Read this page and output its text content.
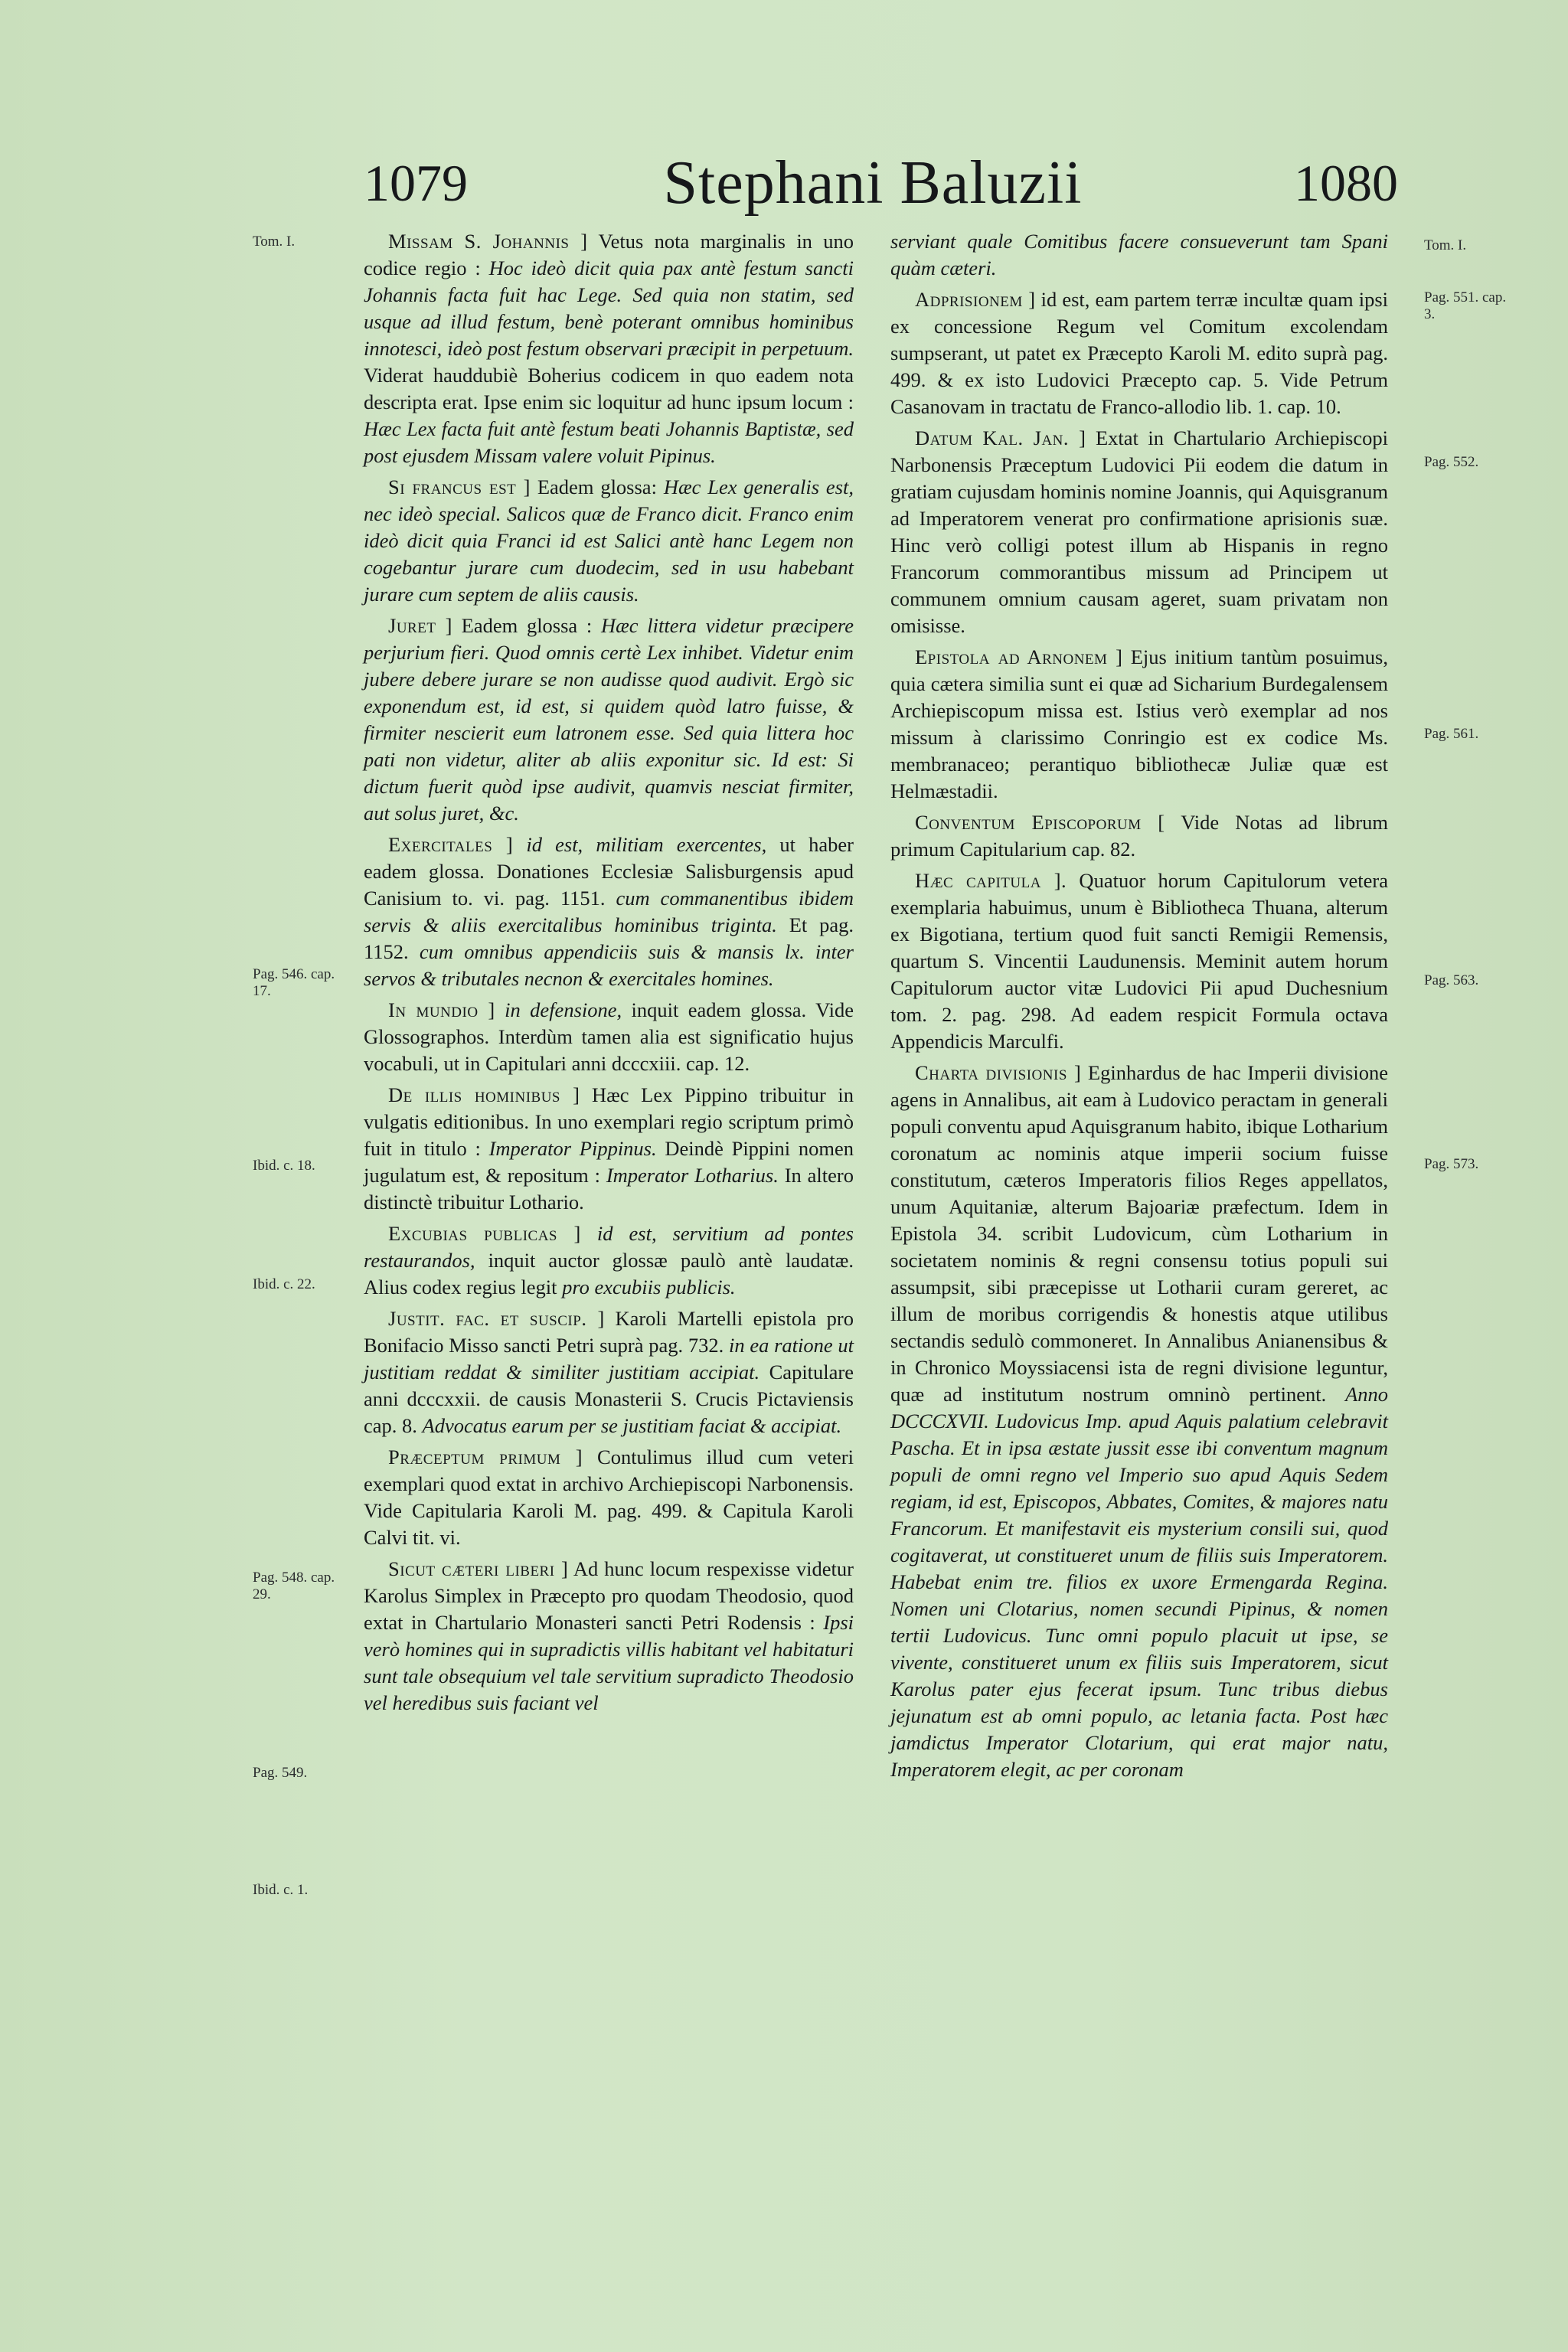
1079	Stephani Baluzii	1080
Tom. I.
Pag. 546. cap. 17.
Ibid. c. 18.
Ibid. c. 22.
Pag. 548. cap. 29.
Pag. 549.
Ibid. c. 1.
Tom. I.
Pag. 551. cap. 3.
Pag. 552.
Pag. 561.
Pag. 563.
Pag. 573.

Missam S. Johannis ] Vetus nota marginalis in uno codice regio : Hoc ideò dicit quia pax antè festum sancti Johannis facta fuit hac Lege. Sed quia non statim, sed usque ad illud festum, benè poterant omnibus hominibus innotesci, ideò post festum observari præcipit in perpetuum. Viderat hauddubiè Boherius codicem in quo eadem nota descripta erat. Ipse enim sic loquitur ad hunc ipsum locum : Hæc Lex facta fuit antè festum beati Johannis Baptistæ, sed post ejusdem Missam valere voluit Pipinus.

Si francus est ] Eadem glossa: Hæc Lex generalis est, nec ideò special. Salicos quæ de Franco dicit. Franco enim ideò dicit quia Franci id est Salici antè hanc Legem non cogebantur jurare cum duodecim, sed in usu habebant jurare cum septem de aliis causis.

Juret ] Eadem glossa : Hæc littera videtur præcipere perjurium fieri. Quod omnis certè Lex inhibet. Videtur enim jubere debere jurare se non audisse quod audivit. Ergò sic exponendum est, id est, si quidem quòd latro fuisse, & firmiter nescierit eum latronem esse. Sed quia littera hoc pati non videtur, aliter ab aliis exponitur sic. Id est: Si dictum fuerit quòd ipse audivit, quamvis nesciat firmiter, aut solus juret, &c.

Exercitales ] id est, militiam exercentes, ut haber eadem glossa. Donationes Ecclesiæ Salisburgensis apud Canisium to. vi. pag. 1151. cum commanentibus ibidem servis & aliis exercitalibus hominibus triginta. Et pag. 1152. cum omnibus appendiciis suis & mansis lx. inter servos & tributales necnon & exercitales homines.

In mundio ] in defensione, inquit eadem glossa. Vide Glossographos. Interdùm tamen alia est significatio hujus vocabuli, ut in Capitulari anni dcccxiii. cap. 12.

De illis hominibus ] Hæc Lex Pippino tribuitur in vulgatis editionibus. In uno exemplari regio scriptum primò fuit in titulo : Imperator Pippinus. Deindè Pippini nomen jugulatum est, & repositum : Imperator Lotharius. In altero distinctè tribuitur Lothario.

Excubias publicas ] id est, servitium ad pontes restaurandos, inquit auctor glossæ paulò antè laudatæ. Alius codex regius legit pro excubiis publicis.

Justit. fac. et suscip. ] Karoli Martelli epistola pro Bonifacio Misso sancti Petri suprà pag. 732. in ea ratione ut justitiam reddat & similiter justitiam accipiat. Capitulare anni dcccxxii. de causis Monasterii S. Crucis Pictaviensis cap. 8. Advocatus earum per se justitiam faciat & accipiat.

Præceptum primum ] Contulimus illud cum veteri exemplari quod extat in archivo Archiepiscopi Narbonensis. Vide Capitularia Karoli M. pag. 499. & Capitula Karoli Calvi tit. vi.

Sicut cæteri liberi ] Ad hunc locum respexisse videtur Karolus Simplex in Præcepto pro quodam Theodosio, quod extat in Chartulario Monasteri sancti Petri Rodensis : Ipsi verò homines qui in supradictis villis habitant vel habitaturi sunt tale obsequium vel tale servitium supradicto Theodosio vel heredibus suis faciant vel

serviant quale Comitibus facere consueverunt tam Spani quàm cæteri.

Adprisionem ] id est, eam partem terræ incultæ quam ipsi ex concessione Regum vel Comitum excolendam sumpserant, ut patet ex Præcepto Karoli M. edito suprà pag. 499. & ex isto Ludovici Præcepto cap. 5. Vide Petrum Casanovam in tractatu de Franco-allodio lib. 1. cap. 10.

Datum Kal. Jan. ] Extat in Chartulario Archiepiscopi Narbonensis Præceptum Ludovici Pii eodem die datum in gratiam cujusdam hominis nomine Joannis, qui Aquisgranum ad Imperatorem venerat pro confirmatione aprisionis suæ. Hinc verò colligi potest illum ab Hispanis in regno Francorum commorantibus missum ad Principem ut communem omnium causam ageret, suam privatam non omisisse.

Epistola ad Arnonem ] Ejus initium tantùm posuimus, quia cætera similia sunt ei quæ ad Sicharium Burdegalensem Archiepiscopum missa est. Istius verò exemplar ad nos missum à clarissimo Conringio est ex codice Ms. membranaceo; perantiquo bibliothecæ Juliæ quæ est Helmæstadii.

Conventum Episcoporum [ Vide Notas ad librum primum Capitularium cap. 82.

Hæc capitula ]. Quatuor horum Capitulorum vetera exemplaria habuimus, unum è Bibliotheca Thuana, alterum ex Bigotiana, tertium quod fuit sancti Remigii Remensis, quartum S. Vincentii Laudunensis. Meminit autem horum Capitulorum auctor vitæ Ludovici Pii apud Duchesnium tom. 2. pag. 298. Ad eadem respicit Formula octava Appendicis Marculfi.

Charta divisionis ] Eginhardus de hac Imperii divisione agens in Annalibus, ait eam à Ludovico peractam in generali populi conventu apud Aquisgranum habito, ibique Lotharium coronatum ac nominis atque imperii socium fuisse constitutum, cæteros Imperatoris filios Reges appellatos, unum Aquitaniæ, alterum Bajoariæ præfectum. Idem in Epistola 34. scribit Ludovicum, cùm Lotharium in societatem nominis & regni consensu totius populi sui assumpsit, sibi præcepisse ut Lotharii curam gereret, ac illum de moribus corrigendis & honestis atque utilibus sectandis sedulò commoneret. In Annalibus Anianensibus & in Chronico Moyssiacensi ista de regni divisione leguntur, quæ ad institutum nostrum omninò pertinent. Anno DCCCXVII. Ludovicus Imp. apud Aquis palatium celebravit Pascha. Et in ipsa æstate jussit esse ibi conventum magnum populi de omni regno vel Imperio suo apud Aquis Sedem regiam, id est, Episcopos, Abbates, Comites, & majores natu Francorum. Et manifestavit eis mysterium consili sui, quod cogitaverat, ut constitueret unum de filiis suis Imperatorem. Habebat enim tre. filios ex uxore Ermengarda Regina. Nomen uni Clotarius, nomen secundi Pipinus, & nomen tertii Ludovicus. Tunc omni populo placuit ut ipse, se vivente, constitueret unum ex filiis suis Imperatorem, sicut Karolus pater ejus fecerat ipsum. Tunc tribus diebus jejunatum est ab omni populo, ac letania facta. Post hæc jamdictus Imperator Clotarium, qui erat major natu, Imperatorem elegit, ac per coronam
